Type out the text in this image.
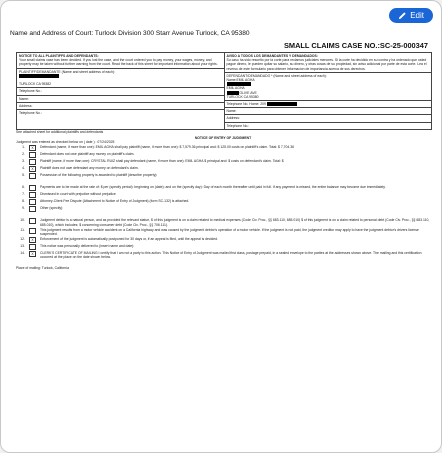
Edit
Name and Address of Court: Turlock Division 300 Starr Avenue Turlock, CA 95380
SMALL CLAIMS CASE NO.:SC-25-000347
NOTICE TO ALL PLAINTIFFS AND DEFENDANTS:
Your small claims case has been decided. If you lost the case, and the court ordered you to pay money, your wages, money, and property may be taken without further warning from the court. Read the back of this sheet for important information about your rights.
PLAINTIFF/DEMANDANTE (Name and street address of each):

TURLOCK CA 95382
Telephone No.:
Name:
Address:
Telephone No.:
AVISO A TODOS LOS DEMANDANTES Y DEMANDADOS:
Su caso ha sido resuelto por la corte para reclamos judiciales menores. Si la corte ha decidido en su contra y ha ordenado que usted pague dinero, le pueden quitar su salario, su dinero, y otras cosas de su propiedad, sin aviso adicional por parte de esta corte. Lea el reverso de este formulario para obtener informacion de importancia acerca de sus derechos.
DEFENDANT/DEMANDADO * (Name and street address of each):
Name:EMIL AGHA

EMIL AGHA
OLIVE AVE
TURLOCK CA 95380
Telephone No. Home: 209
Name:
Address:
Telephone No.:
See attached sheet for additional plaintiffs and defendants
NOTICE OF ENTRY OF JUDGMENT
Judgment was entered as checked below on ( date ) : 07/24/2025
1.	X	Defendant (name, if more than one): EMIL AGHA shall pay plaintiff (name, if more than one): $ 7,579.36 principal and: $ 125.00 costs on plaintiff's claim. Total: $ 7,704.36
2.	Defendant does not owe plaintiff any money on plaintiff's claim.
3.	Plaintiff (name, if more than one): CRYSTAL RUIZ shall pay defendant (name, if more than one): EMIL AGHA $ principal and: $ costs on defendant's claim. Total: $
4.	X	Plaintiff does not owe defendant any money on defendant's claim.
5.	Possession of the following property is awarded to plaintiff (describe property):
6.	Payments are to be made at the rate of: $ per (specify period): beginning on (date): and on the (specify day): Day of each month thereafter until paid in full. If any payment is missed, the entire balance may become due immediately.
7.	Dismissed in court with prejudice without prejudice
8.	Attorney-Client Fee Dispute (Attachment to Notice of Entry of Judgment) (form SC-132) is attached.
9.	Other (specify):
10.	Judgment debtor is a natural person, and as provided the relevant statue, $ of this judgment is on a claim related to medical expenses (Code Civ. Proc., §§ 683.110, 685.010) $ of this judgment is on a claim related to personal debt (Code Civ. Proc., §§ 683.110, 685.010), which includes: $ concerning consumer debt (Code Civ. Proc., §§ 706.111).
11.	This judgment results from a motor vehicle accident on a California highway and was caused by the judgment debtor's operation of a motor vehicle. If the judgment is not paid, the judgment creditor may apply to have the judgment debtor's drivers license suspended.
12.	X	Enforcement of the judgment is automatically postponed for 30 days or, if an appeal is filed, until the appeal is decided.
13.	This notice was personally delivered to (insert name and date):
14.	X	CLERK'S CERTIFICATE OF MAILING I certify that I am not a party to this action. This Notice of Entry of Judgment was mailed first class, postage prepaid, in a sealed envelope to the parties at the addresses shown above. The mailing and this certification occurred at the place on the date shown below.
Place of mailing: Turlock, California
